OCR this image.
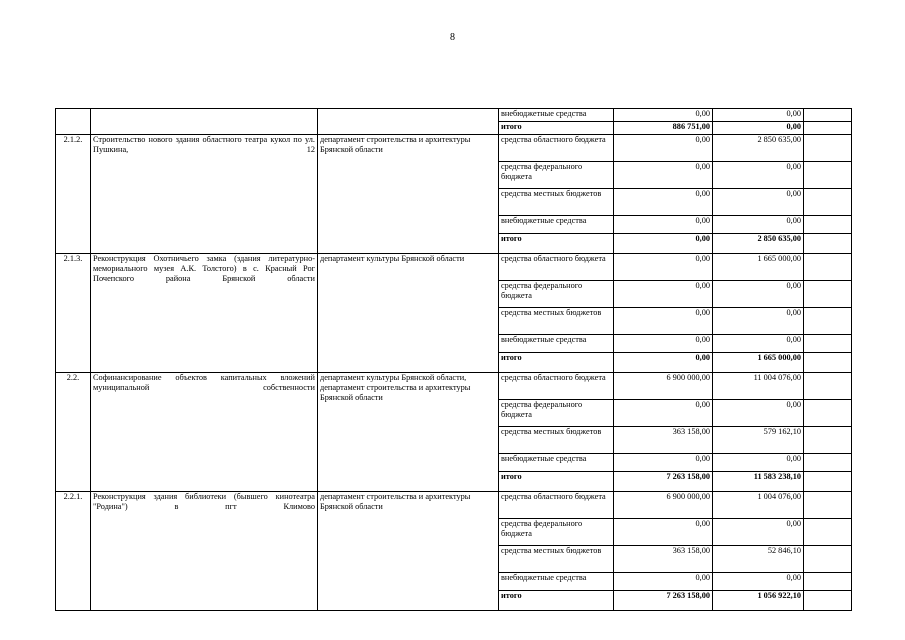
8
			внебюджетные средства	0,00	0,00	
			итого	886 751,00	0,00	
2.1.2.	Строительство нового здания областного театра кукол по ул. Пушкина, 12	департамент строительства и архитектуры Брянской области	средства областного бюджета	0,00	2 850 635,00	
			средства федерального бюджета	0,00	0,00	
			средства местных бюджетов	0,00	0,00	
			внебюджетные средства	0,00	0,00	
			итого	0,00	2 850 635,00	
2.1.3.	Реконструкция Охотничьего замка (здания литературно-мемориального музея А.К. Толстого) в с. Красный Рог Почепского района Брянской области	департамент культуры Брянской области	средства областного бюджета	0,00	1 665 000,00	
			средства федерального бюджета	0,00	0,00	
			средства местных бюджетов	0,00	0,00	
			внебюджетные средства	0,00	0,00	
			итого	0,00	1 665 000,00	
2.2.	Софинансирование объектов капитальных вложений муниципальной собственности	департамент культуры Брянской области, департамент строительства и архитектуры Брянской области	средства областного бюджета	6 900 000,00	11 004 076,00	
			средства федерального бюджета	0,00	0,00	
			средства местных бюджетов	363 158,00	579 162,10	
			внебюджетные средства	0,00	0,00	
			итого	7 263 158,00	11 583 238,10	
2.2.1.	Реконструкция здания библиотеки (бывшего кинотеатра "Родина") в пгт Климово	департамент строительства и архитектуры Брянской области	средства областного бюджета	6 900 000,00	1 004 076,00	
			средства федерального бюджета	0,00	0,00	
			средства местных бюджетов	363 158,00	52 846,10	
			внебюджетные средства	0,00	0,00	
			итого	7 263 158,00	1 056 922,10	
